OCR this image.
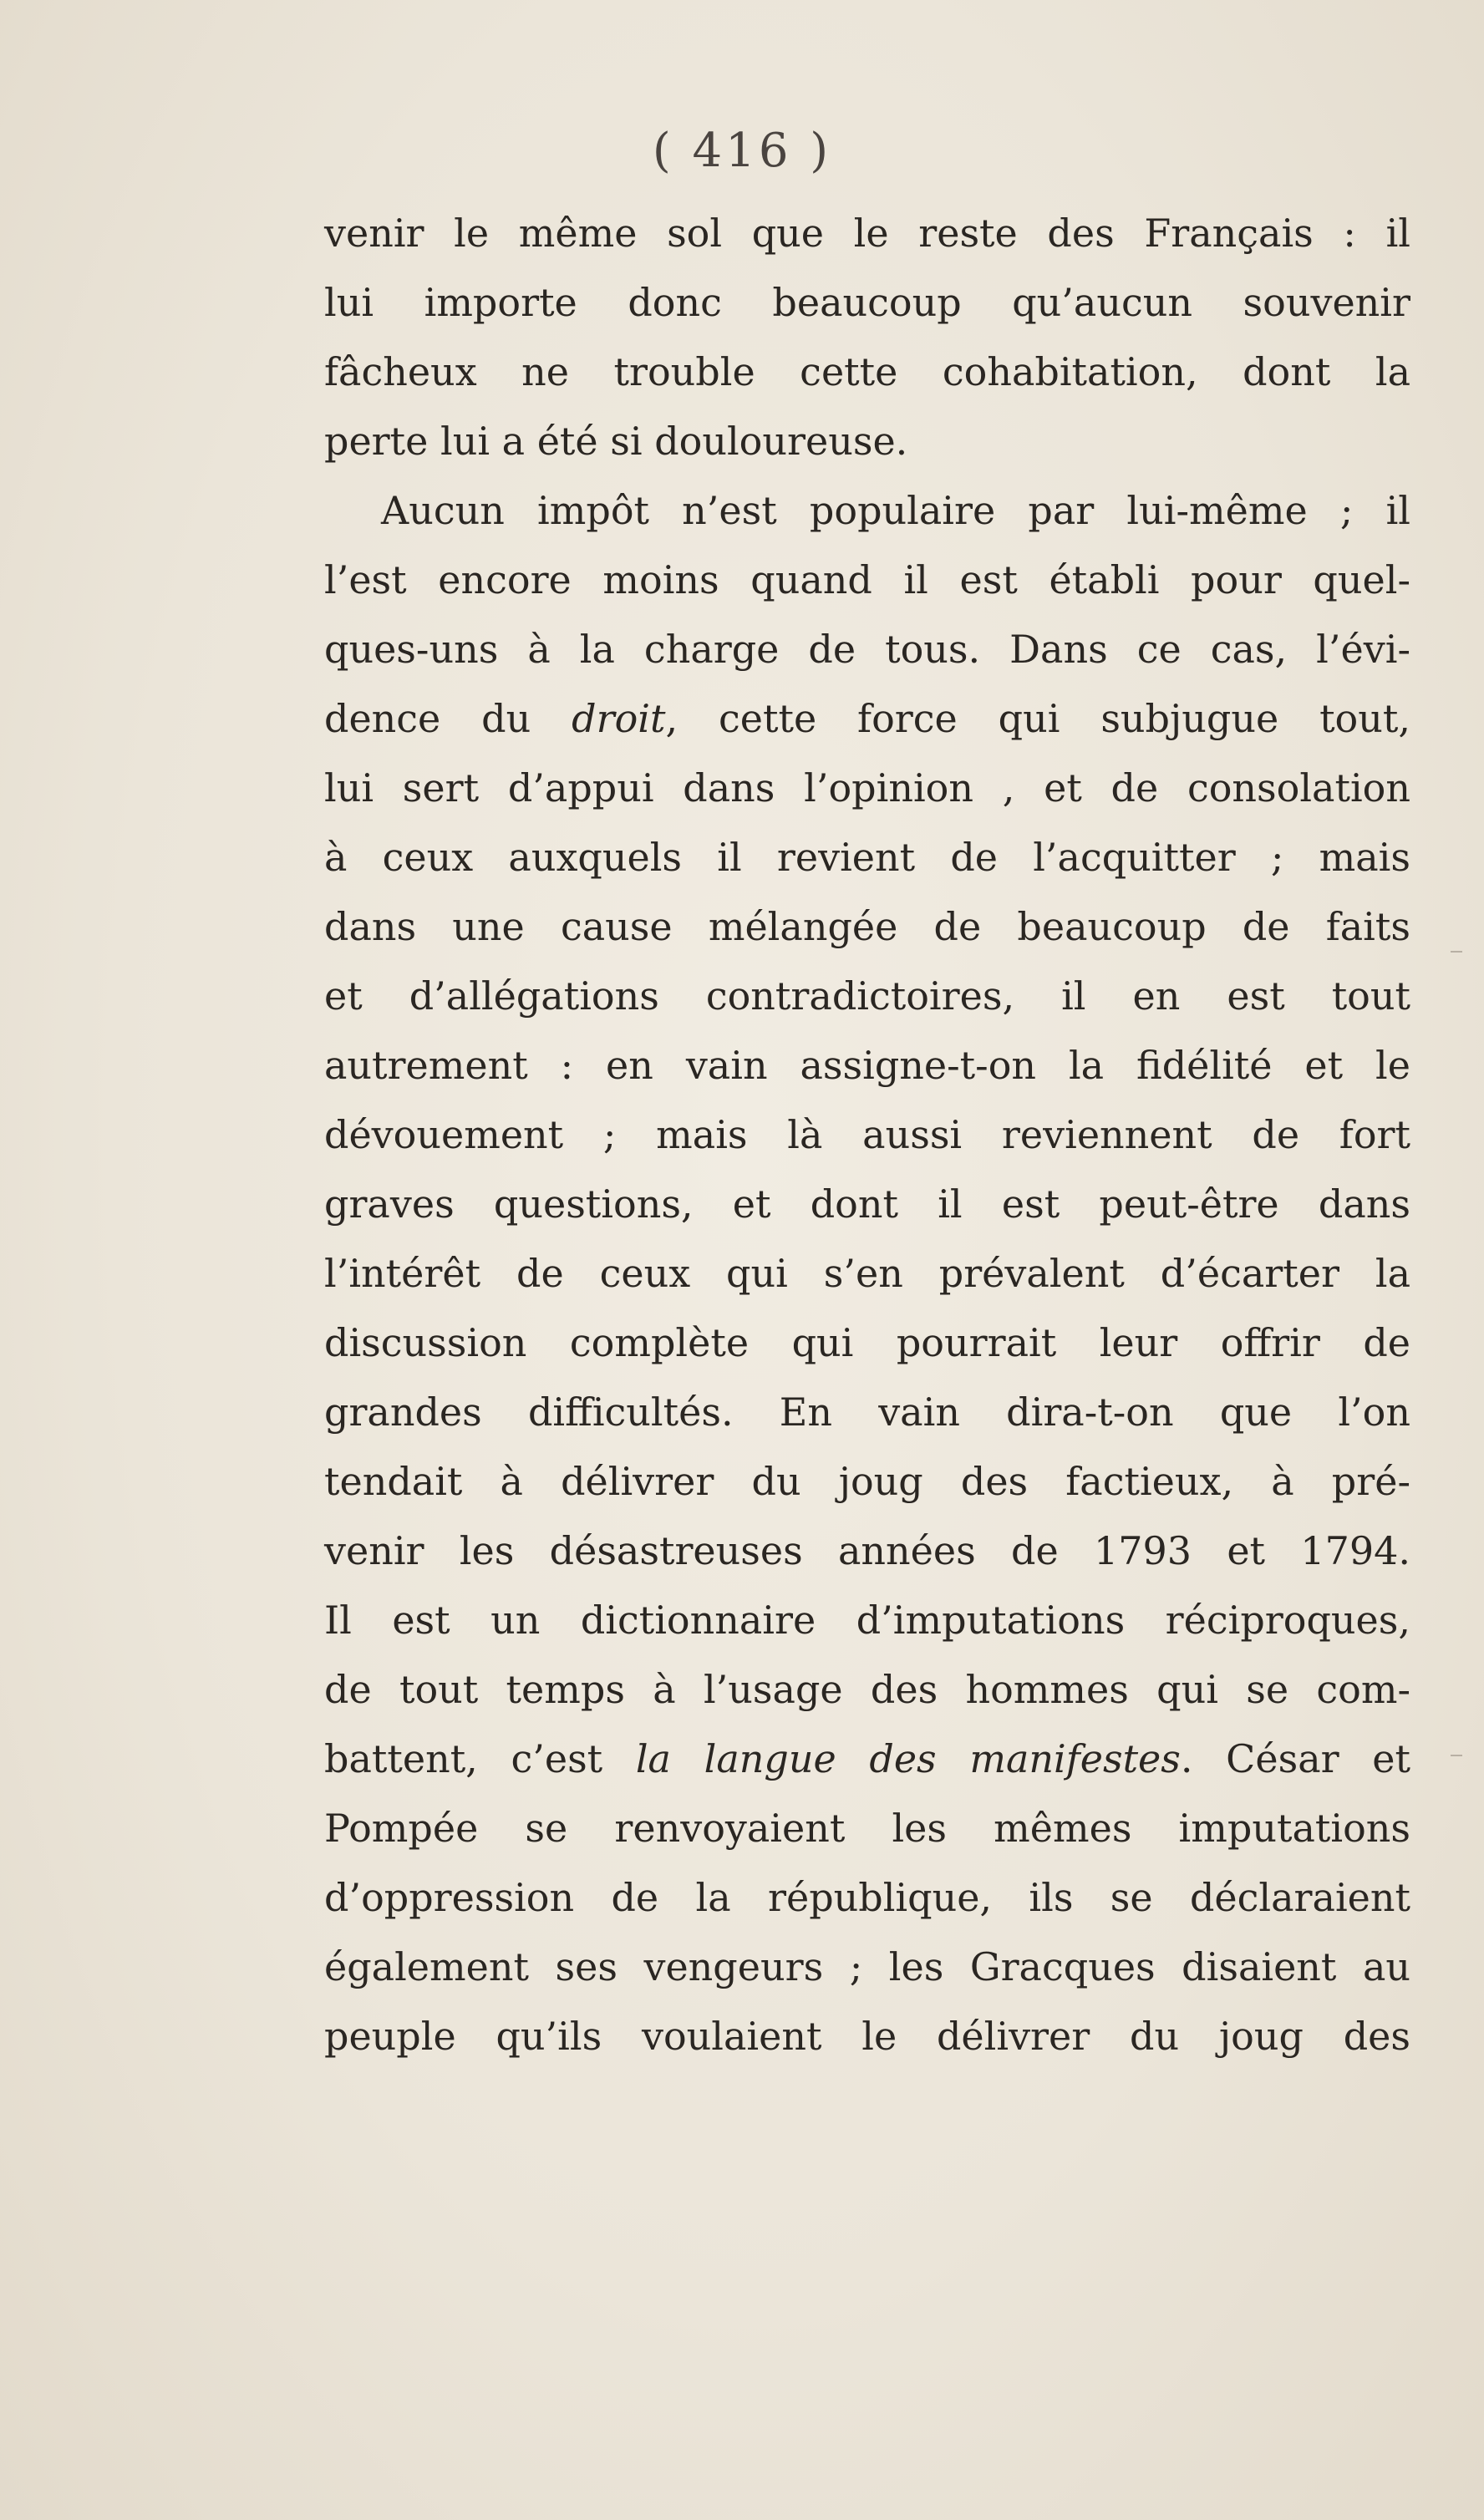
( 416 )
venir le même sol que le reste des Français : il
lui importe donc beaucoup qu’aucun souvenir
fâcheux ne trouble cette cohabitation, dont la
perte lui a été si douloureuse.
Aucun impôt n’est populaire par lui-même ; il
l’est encore moins quand il est établi pour quel-
ques-uns à la charge de tous. Dans ce cas, l’évi-
dence du droit, cette force qui subjugue tout,
lui sert d’appui dans l’opinion , et de consolation
à ceux auxquels il revient de l’acquitter ; mais
dans une cause mélangée de beaucoup de faits
et d’allégations contradictoires, il en est tout
autrement : en vain assigne-t-on la fidélité et le
dévouement ; mais là aussi reviennent de fort
graves questions, et dont il est peut-être dans
l’intérêt de ceux qui s’en prévalent d’écarter la
discussion complète qui pourrait leur offrir de
grandes difficultés. En vain dira-t-on que l’on
tendait à délivrer du joug des factieux, à pré-
venir les désastreuses années de 1793 et 1794.
Il est un dictionnaire d’imputations réciproques,
de tout temps à l’usage des hommes qui se com-
battent, c’est la langue des manifestes. César et
Pompée se renvoyaient les mêmes imputations
d’oppression de la république, ils se déclaraient
également ses vengeurs ; les Gracques disaient au
peuple qu’ils voulaient le délivrer du joug des
